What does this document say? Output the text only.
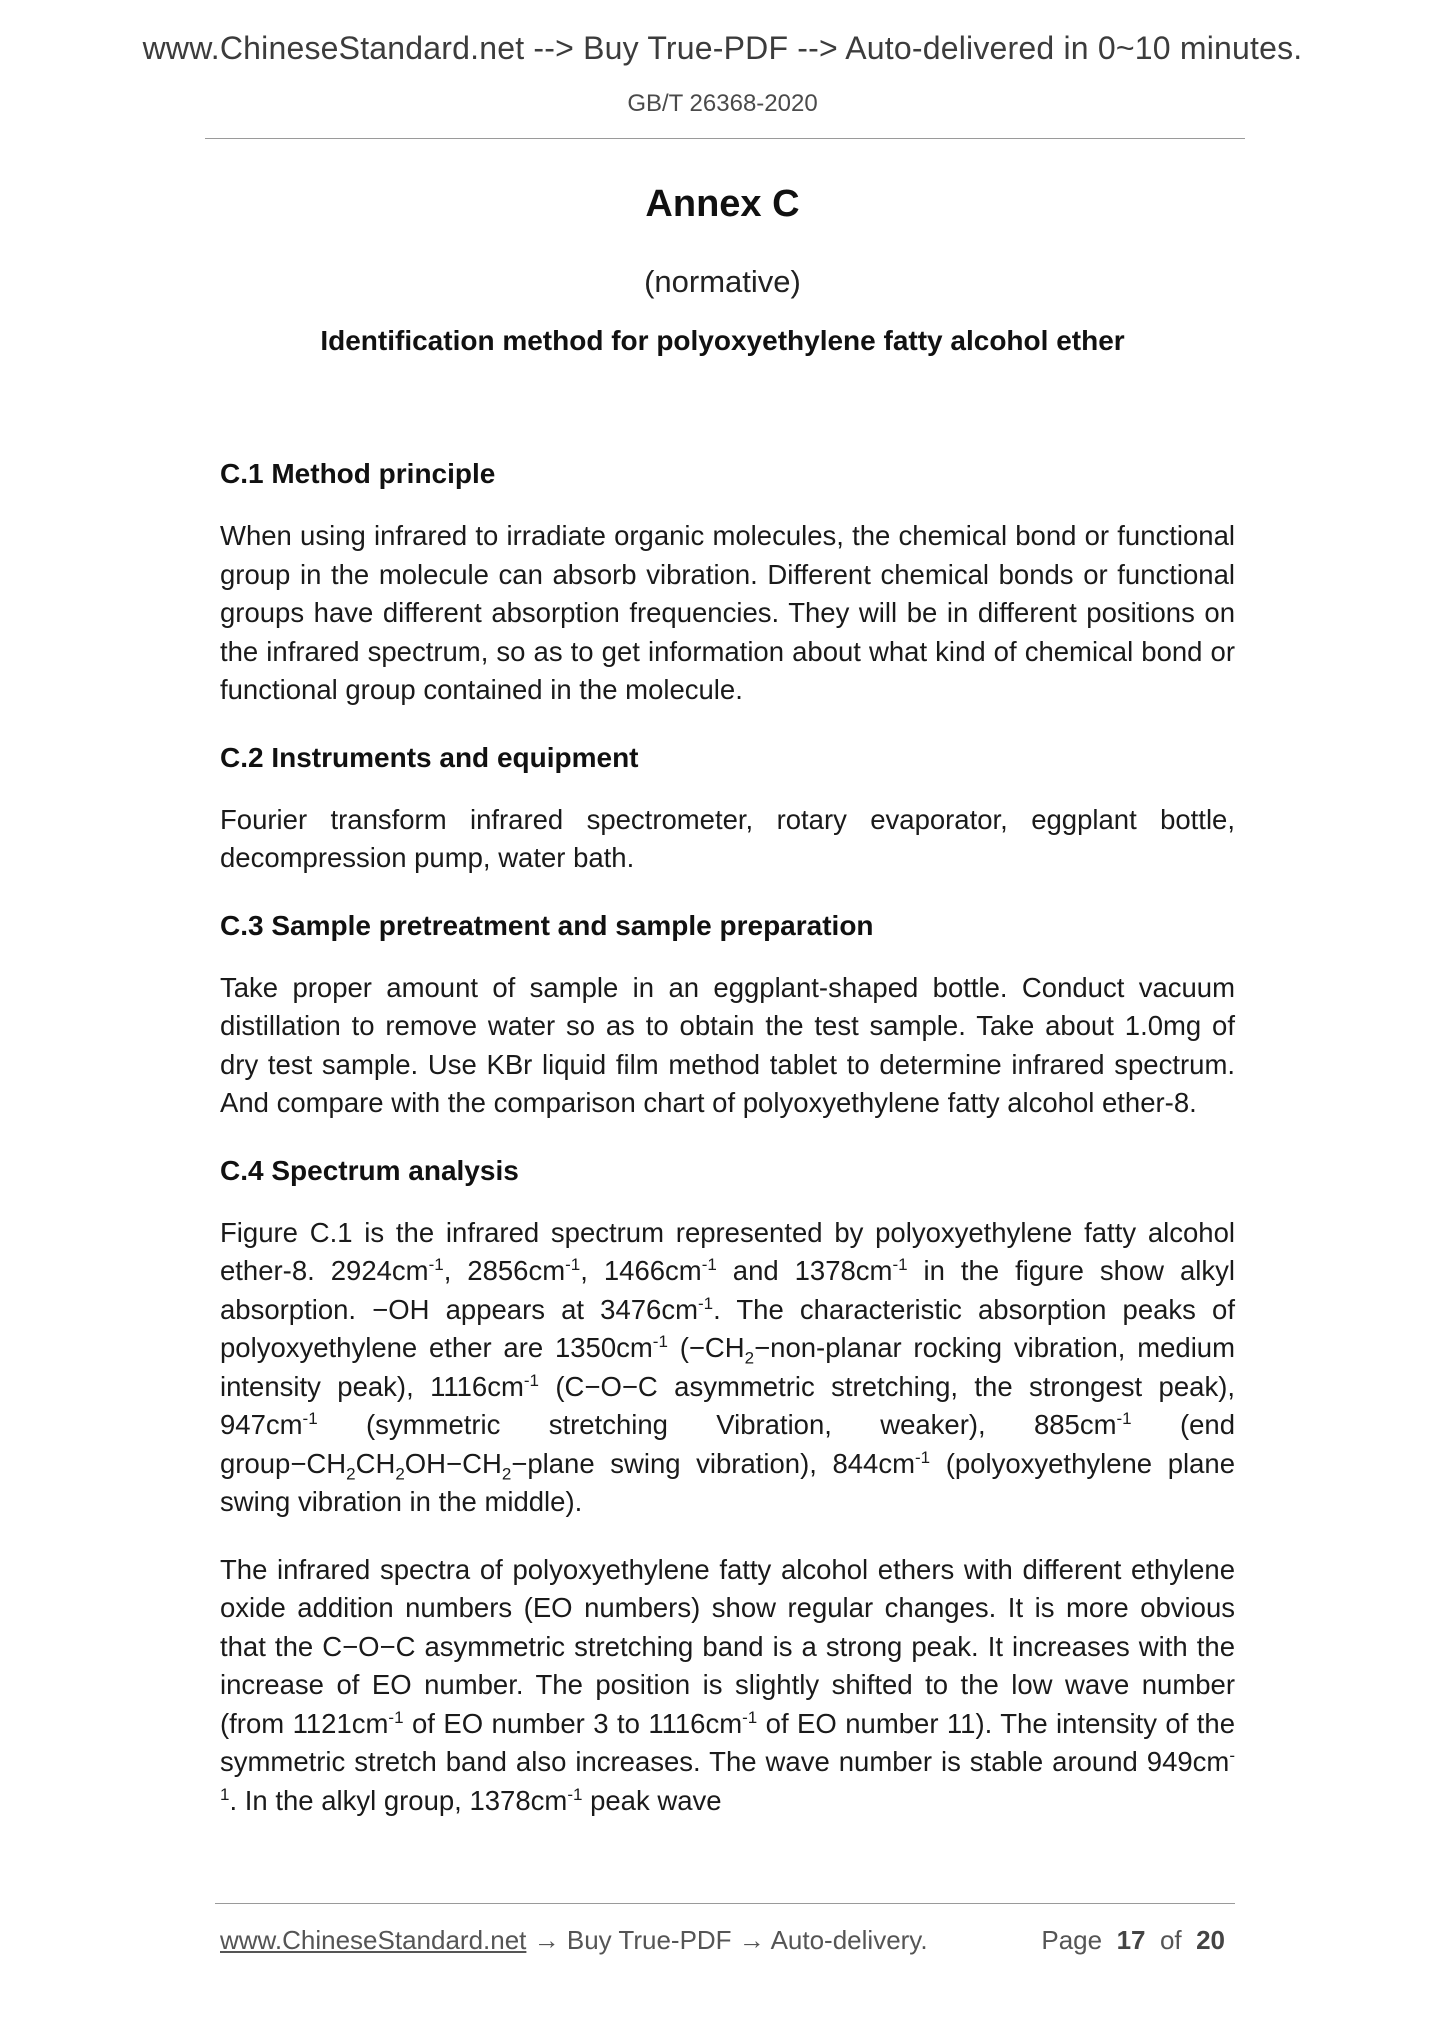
www.ChineseStandard.net --> Buy True-PDF --> Auto-delivered in 0~10 minutes.
GB/T 26368-2020
Annex C
(normative)
Identification method for polyoxyethylene fatty alcohol ether
C.1 Method principle

When using infrared to irradiate organic molecules, the chemical bond or functional group in the molecule can absorb vibration. Different chemical bonds or functional groups have different absorption frequencies. They will be in different positions on the infrared spectrum, so as to get information about what kind of chemical bond or functional group contained in the molecule.

C.2 Instruments and equipment

Fourier transform infrared spectrometer, rotary evaporator, eggplant bottle, decompression pump, water bath.

C.3 Sample pretreatment and sample preparation

Take proper amount of sample in an eggplant-shaped bottle. Conduct vacuum distillation to remove water so as to obtain the test sample. Take about 1.0mg of dry test sample. Use KBr liquid film method tablet to determine infrared spectrum. And compare with the comparison chart of polyoxyethylene fatty alcohol ether-8.

C.4 Spectrum analysis

Figure C.1 is the infrared spectrum represented by polyoxyethylene fatty alcohol ether-8. $2924cm^{-1}$, $2856cm^{-1}$, $1466cm^{-1}$ and $1378cm^{-1}$ in the figure show alkyl absorption. −OH appears at $3476cm^{-1}$. The characteristic absorption peaks of polyoxyethylene ether are $1350cm^{-1}$ ($-CH_2-non$-planar rocking vibration, medium intensity peak), $1116cm^{-1}$ (C−O−C asymmetric stretching, the strongest peak), $947cm^{-1}$ (symmetric stretching Vibration, weaker), $885cm^{-1}$ (end $group-CH_2CH_2OH-CH_2-plane$ swing vibration), $844cm^{-1}$ (polyoxyethylene plane swing vibration in the middle).

The infrared spectra of polyoxyethylene fatty alcohol ethers with different ethylene oxide addition numbers (EO numbers) show regular changes. It is more obvious that the C−O−C asymmetric stretching band is a strong peak. It increases with the increase of EO number. The position is slightly shifted to the low wave number (from $1121cm^{-1}$ of EO number 3 to $1116cm^{-1}$ of EO number 11). The intensity of the symmetric stretch band also increases. The wave number is stable around $949cm^{-1}$. In the alkyl group, $1378cm^{-1}$ peak wave

www.ChineseStandard.net → Buy True-PDF → Auto-delivery.	Page 17 of 20
